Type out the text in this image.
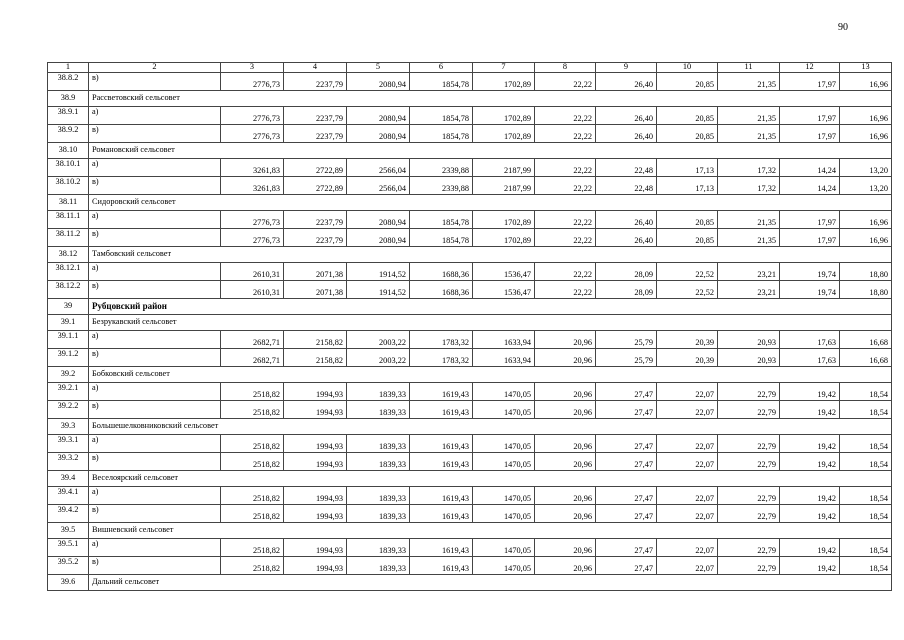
90
1	2	3	4	5	6	7	8	9	10	11	12	13
38.8.2	в)	2776,73	2237,79	2080,94	1854,78	1702,89	22,22	26,40	20,85	21,35	17,97	16,96
38.9	Рассветовский сельсовет											
38.9.1	а)	2776,73	2237,79	2080,94	1854,78	1702,89	22,22	26,40	20,85	21,35	17,97	16,96
38.9.2	в)	2776,73	2237,79	2080,94	1854,78	1702,89	22,22	26,40	20,85	21,35	17,97	16,96
38.10	Романовский сельсовет											
38.10.1	а)	3261,83	2722,89	2566,04	2339,88	2187,99	22,22	22,48	17,13	17,32	14,24	13,20
38.10.2	в)	3261,83	2722,89	2566,04	2339,88	2187,99	22,22	22,48	17,13	17,32	14,24	13,20
38.11	Сидоровский сельсовет											
38.11.1	а)	2776,73	2237,79	2080,94	1854,78	1702,89	22,22	26,40	20,85	21,35	17,97	16,96
38.11.2	в)	2776,73	2237,79	2080,94	1854,78	1702,89	22,22	26,40	20,85	21,35	17,97	16,96
38.12	Тамбовский сельсовет											
38.12.1	а)	2610,31	2071,38	1914,52	1688,36	1536,47	22,22	28,09	22,52	23,21	19,74	18,80
38.12.2	в)	2610,31	2071,38	1914,52	1688,36	1536,47	22,22	28,09	22,52	23,21	19,74	18,80
39	Рубцовский район											
39.1	Безрукавский сельсовет											
39.1.1	а)	2682,71	2158,82	2003,22	1783,32	1633,94	20,96	25,79	20,39	20,93	17,63	16,68
39.1.2	в)	2682,71	2158,82	2003,22	1783,32	1633,94	20,96	25,79	20,39	20,93	17,63	16,68
39.2	Бобковский сельсовет											
39.2.1	а)	2518,82	1994,93	1839,33	1619,43	1470,05	20,96	27,47	22,07	22,79	19,42	18,54
39.2.2	в)	2518,82	1994,93	1839,33	1619,43	1470,05	20,96	27,47	22,07	22,79	19,42	18,54
39.3	Большешелковниковский сельсовет											
39.3.1	а)	2518,82	1994,93	1839,33	1619,43	1470,05	20,96	27,47	22,07	22,79	19,42	18,54
39.3.2	в)	2518,82	1994,93	1839,33	1619,43	1470,05	20,96	27,47	22,07	22,79	19,42	18,54
39.4	Веселоярский сельсовет											
39.4.1	а)	2518,82	1994,93	1839,33	1619,43	1470,05	20,96	27,47	22,07	22,79	19,42	18,54
39.4.2	в)	2518,82	1994,93	1839,33	1619,43	1470,05	20,96	27,47	22,07	22,79	19,42	18,54
39.5	Вишневский сельсовет											
39.5.1	а)	2518,82	1994,93	1839,33	1619,43	1470,05	20,96	27,47	22,07	22,79	19,42	18,54
39.5.2	в)	2518,82	1994,93	1839,33	1619,43	1470,05	20,96	27,47	22,07	22,79	19,42	18,54
39.6	Дальний сельсовет											
